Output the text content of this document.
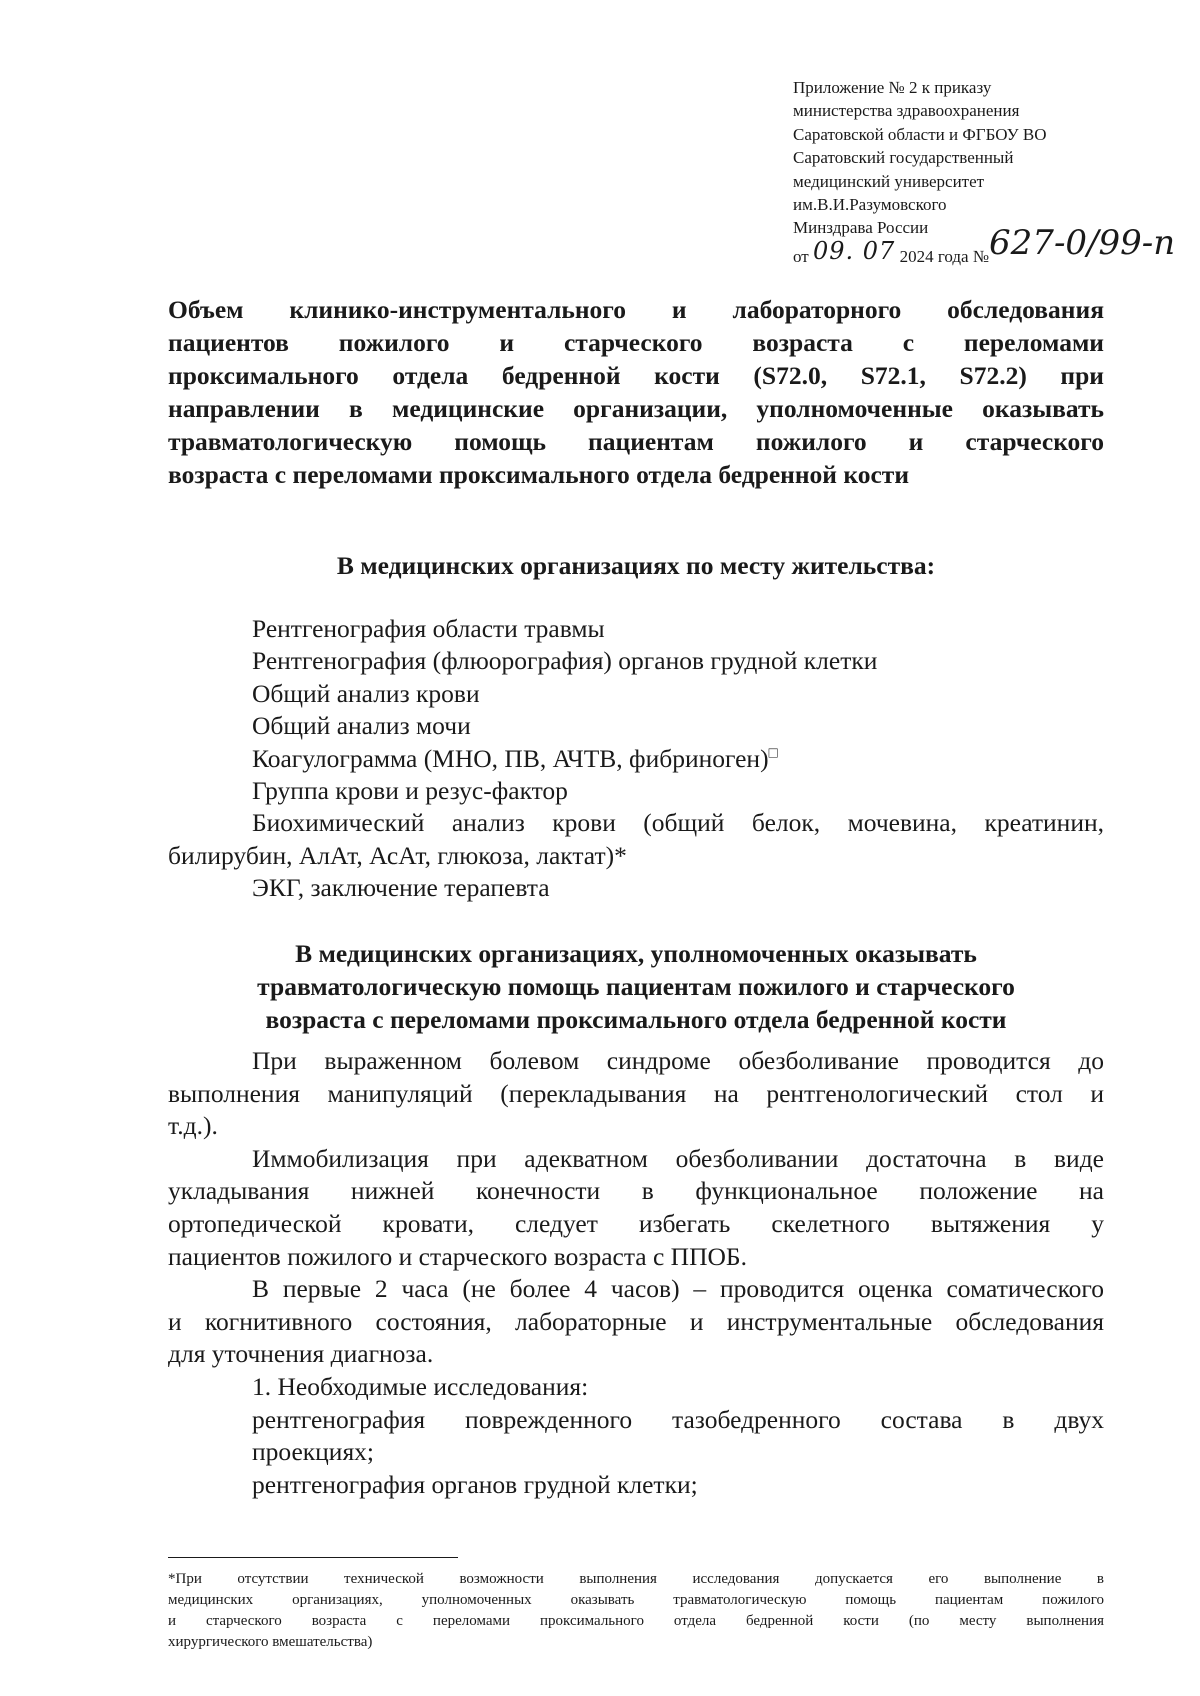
Приложение № 2 к приказу
министерства здравоохранения
Саратовской области и ФГБОУ ВО
Саратовский государственный
медицинский университет
им.В.И.Разумовского
Минздрава России
от 09. 07 2024 года №627-0/99-п
Объем клинико-инструментального и лабораторного обследования
пациентов пожилого и старческого возраста с переломами
проксимального отдела бедренной кости (S72.0, S72.1, S72.2) при
направлении в медицинские организации, уполномоченные оказывать
травматологическую помощь пациентам пожилого и старческого
возраста с переломами проксимального отдела бедренной кости
В медицинских организациях по месту жительства:
Рентгенография области травмы
Рентгенография (флюорография) органов грудной клетки
Общий анализ крови
Общий анализ мочи
Коагулограмма (МНО, ПВ, АЧТВ, фибриноген)□
Группа крови и резус-фактор
Биохимический анализ крови (общий белок, мочевина, креатинин,
билирубин, АлАт, АсАт, глюкоза, лактат)*
ЭКГ, заключение терапевта
В медицинских организациях, уполномоченных оказывать
травматологическую помощь пациентам пожилого и старческого
возраста с переломами проксимального отдела бедренной кости
При выраженном болевом синдроме обезболивание проводится до
выполнения манипуляций (перекладывания на рентгенологический стол и
т.д.).
Иммобилизация при адекватном обезболивании достаточна в виде
укладывания нижней конечности в функциональное положение на
ортопедической кровати, следует избегать скелетного вытяжения у
пациентов пожилого и старческого возраста с ППОБ.
В первые 2 часа (не более 4 часов) – проводится оценка соматического
и когнитивного состояния, лабораторные и инструментальные обследования
для уточнения диагноза.
1. Необходимые исследования:
рентгенография поврежденного тазобедренного состава в двух
проекциях;
рентгенография органов грудной клетки;
*При отсутствии технической возможности выполнения исследования допускается его выполнение в
медицинских организациях, уполномоченных оказывать травматологическую помощь пациентам пожилого
и старческого возраста с переломами проксимального отдела бедренной кости (по месту выполнения
хирургического вмешательства)
